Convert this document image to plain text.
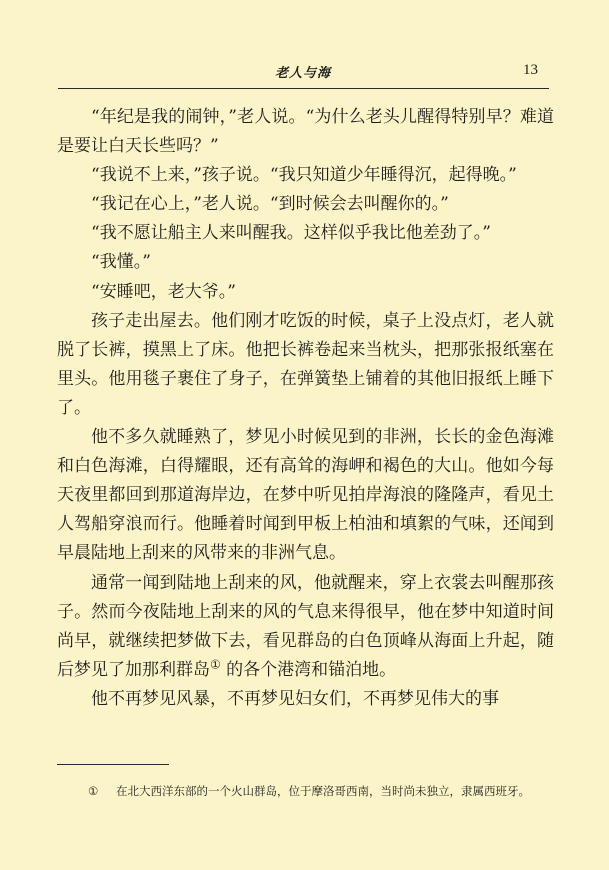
老人与海	13

“年纪是我的闹钟，”老人说。“为什么老头儿醒得特别早？难道是要让白天长些吗？”

“我说不上来，”孩子说。“我只知道少年睡得沉，起得晚。”

“我记在心上，”老人说。“到时候会去叫醒你的。”

“我不愿让船主人来叫醒我。这样似乎我比他差劲了。”

“我懂。”

“安睡吧，老大爷。”

孩子走出屋去。他们刚才吃饭的时候，桌子上没点灯，老人就脱了长裤，摸黑上了床。他把长裤卷起来当枕头，把那张报纸塞在里头。他用毯子裹住了身子，在弹簧垫上铺着的其他旧报纸上睡下了。

他不多久就睡熟了，梦见小时候见到的非洲，长长的金色海滩和白色海滩，白得耀眼，还有高耸的海岬和褐色的大山。他如今每天夜里都回到那道海岸边，在梦中听见拍岸海浪的隆隆声，看见土人驾船穿浪而行。他睡着时闻到甲板上柏油和填絮的气味，还闻到早晨陆地上刮来的风带来的非洲气息。

通常一闻到陆地上刮来的风，他就醒来，穿上衣裳去叫醒那孩子。然而今夜陆地上刮来的风的气息来得很早，他在梦中知道时间尚早，就继续把梦做下去，看见群岛的白色顶峰从海面上升起，随后梦见了加那利群岛① 的各个港湾和锚泊地。

他不再梦见风暴，不再梦见妇女们，不再梦见伟大的事

①	在北大西洋东部的一个火山群岛，位于摩洛哥西南，当时尚未独立，隶属西班牙。
